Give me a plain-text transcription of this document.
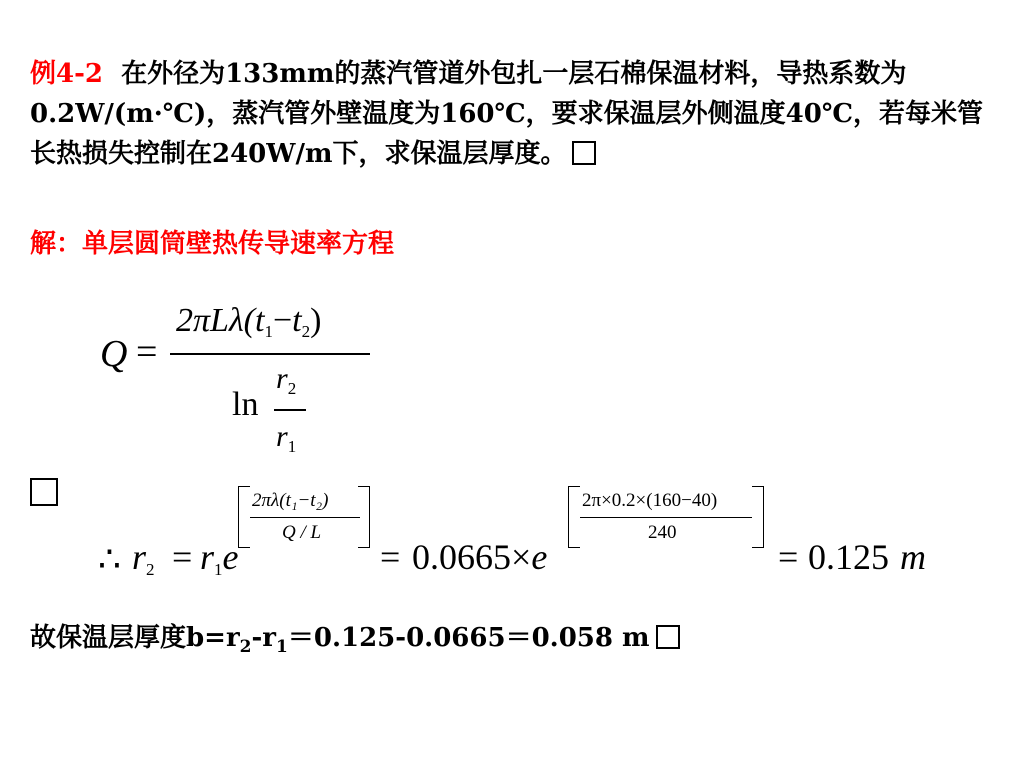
例4-2 在外径为133mm的蒸汽管道外包扎一层石棉保温材料，导热系数为0.2W/(m·℃)，蒸汽管外壁温度为160℃，要求保温层外侧温度40℃，若每米管长热损失控制在240W/m下，求保温层厚度。
解：单层圆筒壁热传导速率方程
Q =
$2\pi L\lambda(t_1-t_2)$
ln
$r_2$
$r_1$
∴ $r_2 = r_1e$
2πλ(t₁−t₂)
Q / L
= 0.0665×e
2π×0.2×(160−40)
240
= 0.125 m
故保温层厚度$b=r_2-r_1=0.125-0.0665=0.058$ m
